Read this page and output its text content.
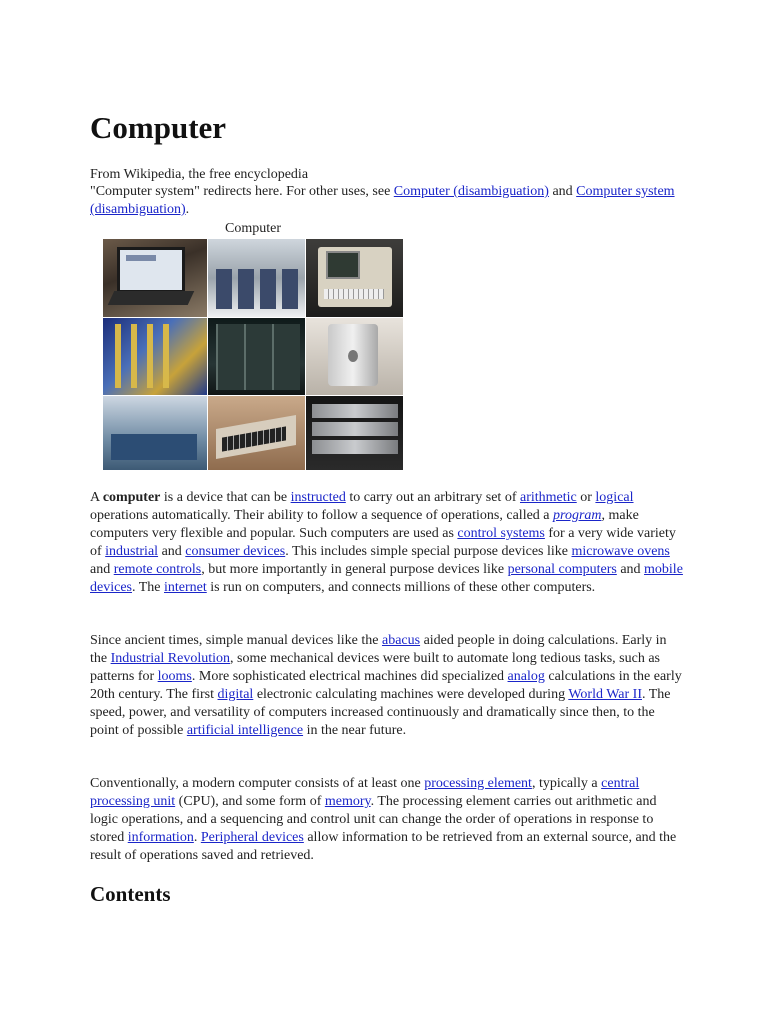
Computer
From Wikipedia, the free encyclopedia
"Computer system" redirects here. For other uses, see Computer (disambiguation) and Computer system (disambiguation).
Computer

A computer is a device that can be instructed to carry out an arbitrary set of arithmetic or logical operations automatically. Their ability to follow a sequence of operations, called a program, make computers very flexible and popular. Such computers are used as control systems for a very wide variety of industrial and consumer devices. This includes simple special purpose devices like microwave ovens and remote controls, but more importantly in general purpose devices like personal computers and mobile devices. The internet is run on computers, and connects millions of these other computers.

Since ancient times, simple manual devices like the abacus aided people in doing calculations. Early in the Industrial Revolution, some mechanical devices were built to automate long tedious tasks, such as patterns for looms. More sophisticated electrical machines did specialized analog calculations in the early 20th century. The first digital electronic calculating machines were developed during World War II. The speed, power, and versatility of computers increased continuously and dramatically since then, to the point of possible artificial intelligence in the near future.

Conventionally, a modern computer consists of at least one processing element, typically a central processing unit (CPU), and some form of memory. The processing element carries out arithmetic and logic operations, and a sequencing and control unit can change the order of operations in response to stored information. Peripheral devices allow information to be retrieved from an external source, and the result of operations saved and retrieved.

Contents
